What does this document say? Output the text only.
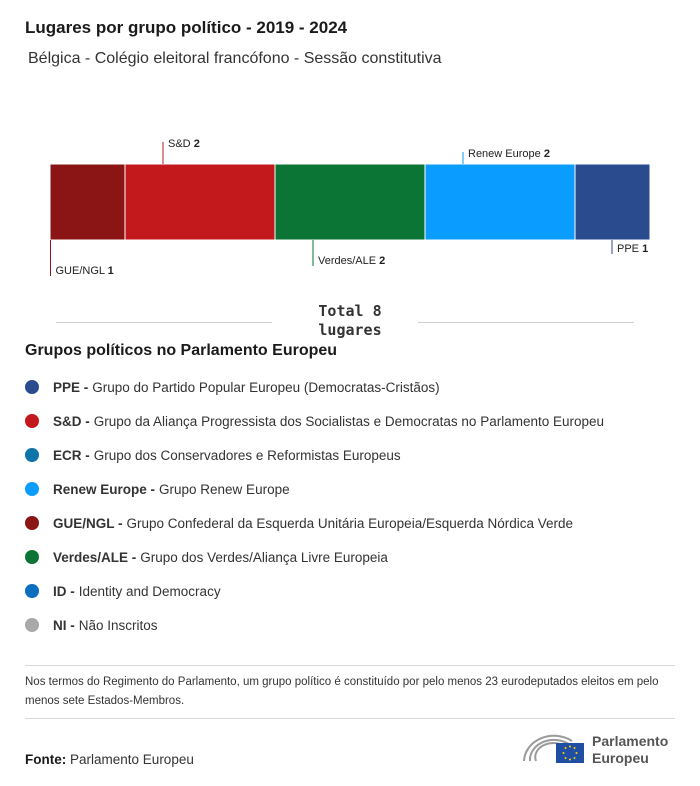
Lugares por grupo político - 2019 - 2024
Bélgica - Colégio eleitoral francófono - Sessão constitutiva
GUE/NGL 1
S&D 2
Verdes/ALE 2
Renew Europe 2
PPE 1
Total 8
lugares
Grupos políticos no Parlamento Europeu
PPE - Grupo do Partido Popular Europeu (Democratas-Cristãos)
S&D - Grupo da Aliança Progressista dos Socialistas e Democratas no Parlamento Europeu
ECR - Grupo dos Conservadores e Reformistas Europeus
Renew Europe - Grupo Renew Europe
GUE/NGL - Grupo Confederal da Esquerda Unitária Europeia/Esquerda Nórdica Verde
Verdes/ALE - Grupo dos Verdes/Aliança Livre Europeia
ID - Identity and Democracy
NI - Não Inscritos
Nos termos do Regimento do Parlamento, um grupo político é constituído por pelo menos 23 eurodeputados eleitos em pelo menos sete Estados-Membros.
Fonte: Parlamento Europeu
Parlamento
Europeu
